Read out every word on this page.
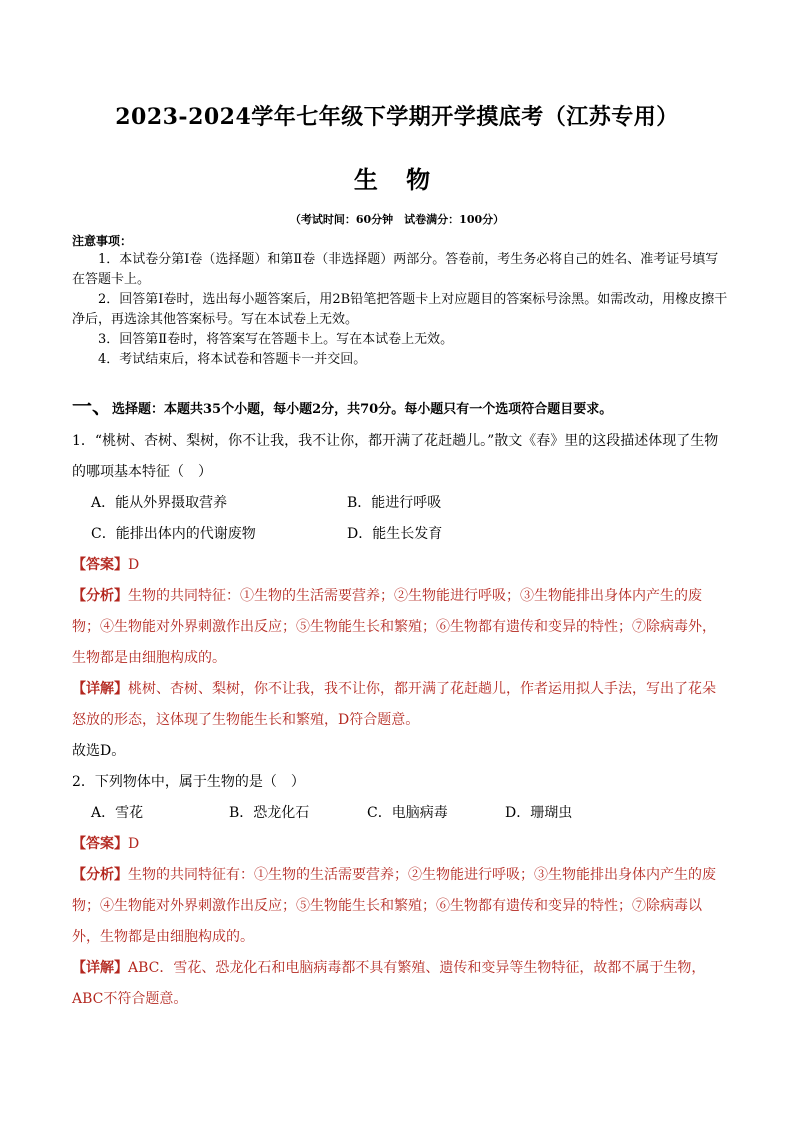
2023-2024学年七年级下学期开学摸底考（江苏专用）
生 物
（考试时间：60分钟　试卷满分：100分）
注意事项：
1．本试卷分第Ⅰ卷（选择题）和第Ⅱ卷（非选择题）两部分。答卷前，考生务必将自己的姓名、准考证号填写在答题卡上。
2．回答第Ⅰ卷时，选出每小题答案后，用2B铅笔把答题卡上对应题目的答案标号涂黑。如需改动，用橡皮擦干净后，再选涂其他答案标号。写在本试卷上无效。
3．回答第Ⅱ卷时，将答案写在答题卡上。写在本试卷上无效。
4．考试结束后，将本试卷和答题卡一并交回。
一、选择题：本题共35个小题，每小题2分，共70分。每小题只有一个选项符合题目要求。
1．“桃树、杏树、梨树，你不让我，我不让你，都开满了花赶趟儿。”散文《春》里的这段描述体现了生物的哪项基本特征（　）
A．能从外界摄取营养	B．能进行呼吸
C．能排出体内的代谢废物	D．能生长发育
【答案】D
【分析】生物的共同特征：①生物的生活需要营养；②生物能进行呼吸；③生物能排出身体内产生的废物；④生物能对外界刺激作出反应；⑤生物能生长和繁殖；⑥生物都有遗传和变异的特性；⑦除病毒外，生物都是由细胞构成的。
【详解】桃树、杏树、梨树，你不让我，我不让你，都开满了花赶趟儿，作者运用拟人手法，写出了花朵怒放的形态，这体现了生物能生长和繁殖，D符合题意。
故选D。
2．下列物体中，属于生物的是（　）
A．雪花	B．恐龙化石	C．电脑病毒	D．珊瑚虫
【答案】D
【分析】生物的共同特征有：①生物的生活需要营养；②生物能进行呼吸；③生物能排出身体内产生的废物；④生物能对外界刺激作出反应；⑤生物能生长和繁殖；⑥生物都有遗传和变异的特性；⑦除病毒以外，生物都是由细胞构成的。
【详解】ABC．雪花、恐龙化石和电脑病毒都不具有繁殖、遗传和变异等生物特征，故都不属于生物，ABC不符合题意。
